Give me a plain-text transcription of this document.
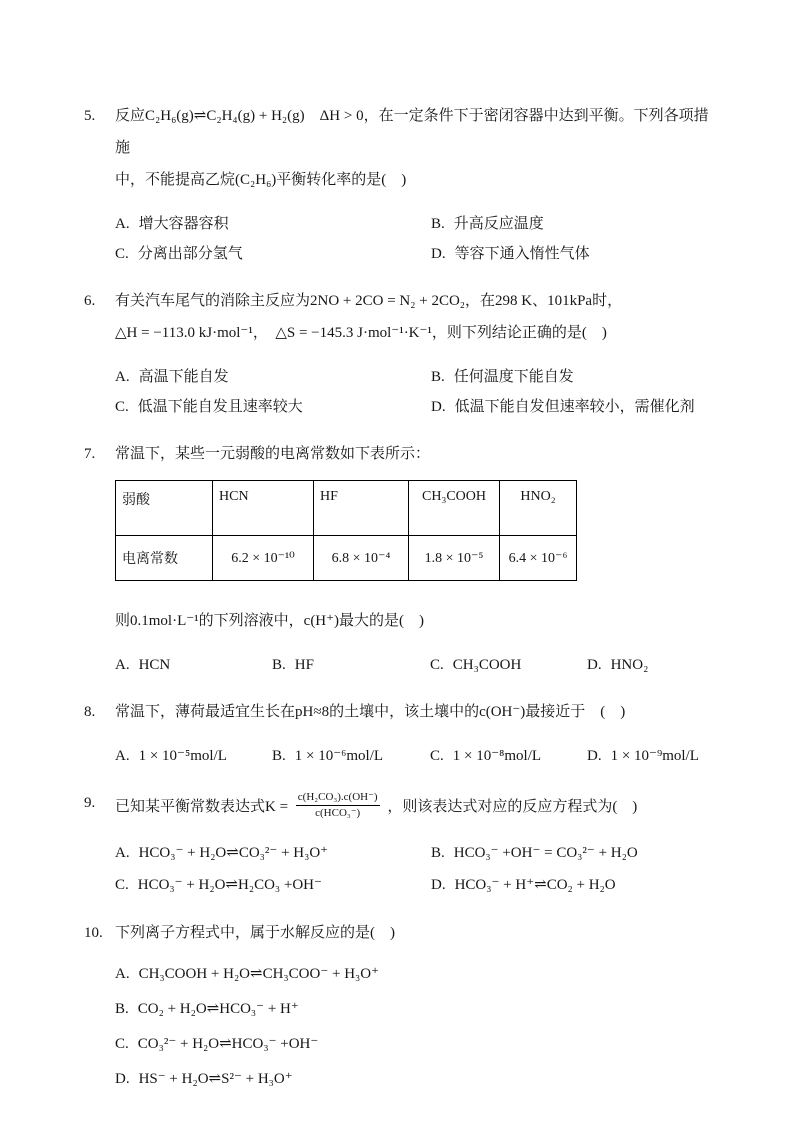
5.	反应C₂H₆(g)⇌C₂H₄(g) + H₂(g)　ΔH > 0，在一定条件下于密闭容器中达到平衡。下列各项措施
中，不能提高乙烷(C₂H₆)平衡转化率的是(　)
A. 增大容器容积	B. 升高反应温度
C. 分离出部分氢气	D. 等容下通入惰性气体
6.	有关汽车尾气的消除主反应为2NO + 2CO = N₂ + 2CO₂，在298 K、101kPa时，
△H = −113.0 kJ·mol⁻¹，　△S = −145.3 J·mol⁻¹·K⁻¹，则下列结论正确的是(　)
A. 高温下能自发	B. 任何温度下能自发
C. 低温下能自发且速率较大	D. 低温下能自发但速率较小，需催化剂
7.	常温下，某些一元弱酸的电离常数如下表所示：
弱酸	HCN	HF	CH₃COOH	HNO₂
电离常数	6.2 × 10⁻¹⁰	6.8 × 10⁻⁴	1.8 × 10⁻⁵	6.4 × 10⁻⁶
则0.1mol·L⁻¹的下列溶液中，c(H⁺)最大的是(　)
A. HCN	B. HF	C. CH₃COOH	D. HNO₂
8.	常温下，薄荷最适宜生长在pH≈8的土壤中，该土壤中的c(OH⁻)最接近于　(　)
A. 1 × 10⁻⁵mol/L	B. 1 × 10⁻⁶mol/L	C. 1 × 10⁻⁸mol/L	D. 1 × 10⁻⁹mol/L
9.	已知某平衡常数表达式$K = \frac{\text{c(H₂CO₃).c(OH⁻)}}{\text{c(HCO₃⁻)}}$ ，则该表达式对应的反应方程式为(　)
A. HCO₃⁻ + H₂O⇌CO₃²⁻ + H₃O⁺	B. HCO₃⁻ +OH⁻ = CO₃²⁻ + H₂O
C. HCO₃⁻ + H₂O⇌H₂CO₃ +OH⁻	D. HCO₃⁻ + H⁺⇌CO₂ + H₂O
10. 下列离子方程式中，属于水解反应的是(　)
A. CH₃COOH + H₂O⇌CH₃COO⁻ + H₃O⁺
B. CO₂ + H₂O⇌HCO₃⁻ + H⁺
C. CO₃²⁻ + H₂O⇌HCO₃⁻ +OH⁻
D. HS⁻ + H₂O⇌S²⁻ + H₃O⁺
